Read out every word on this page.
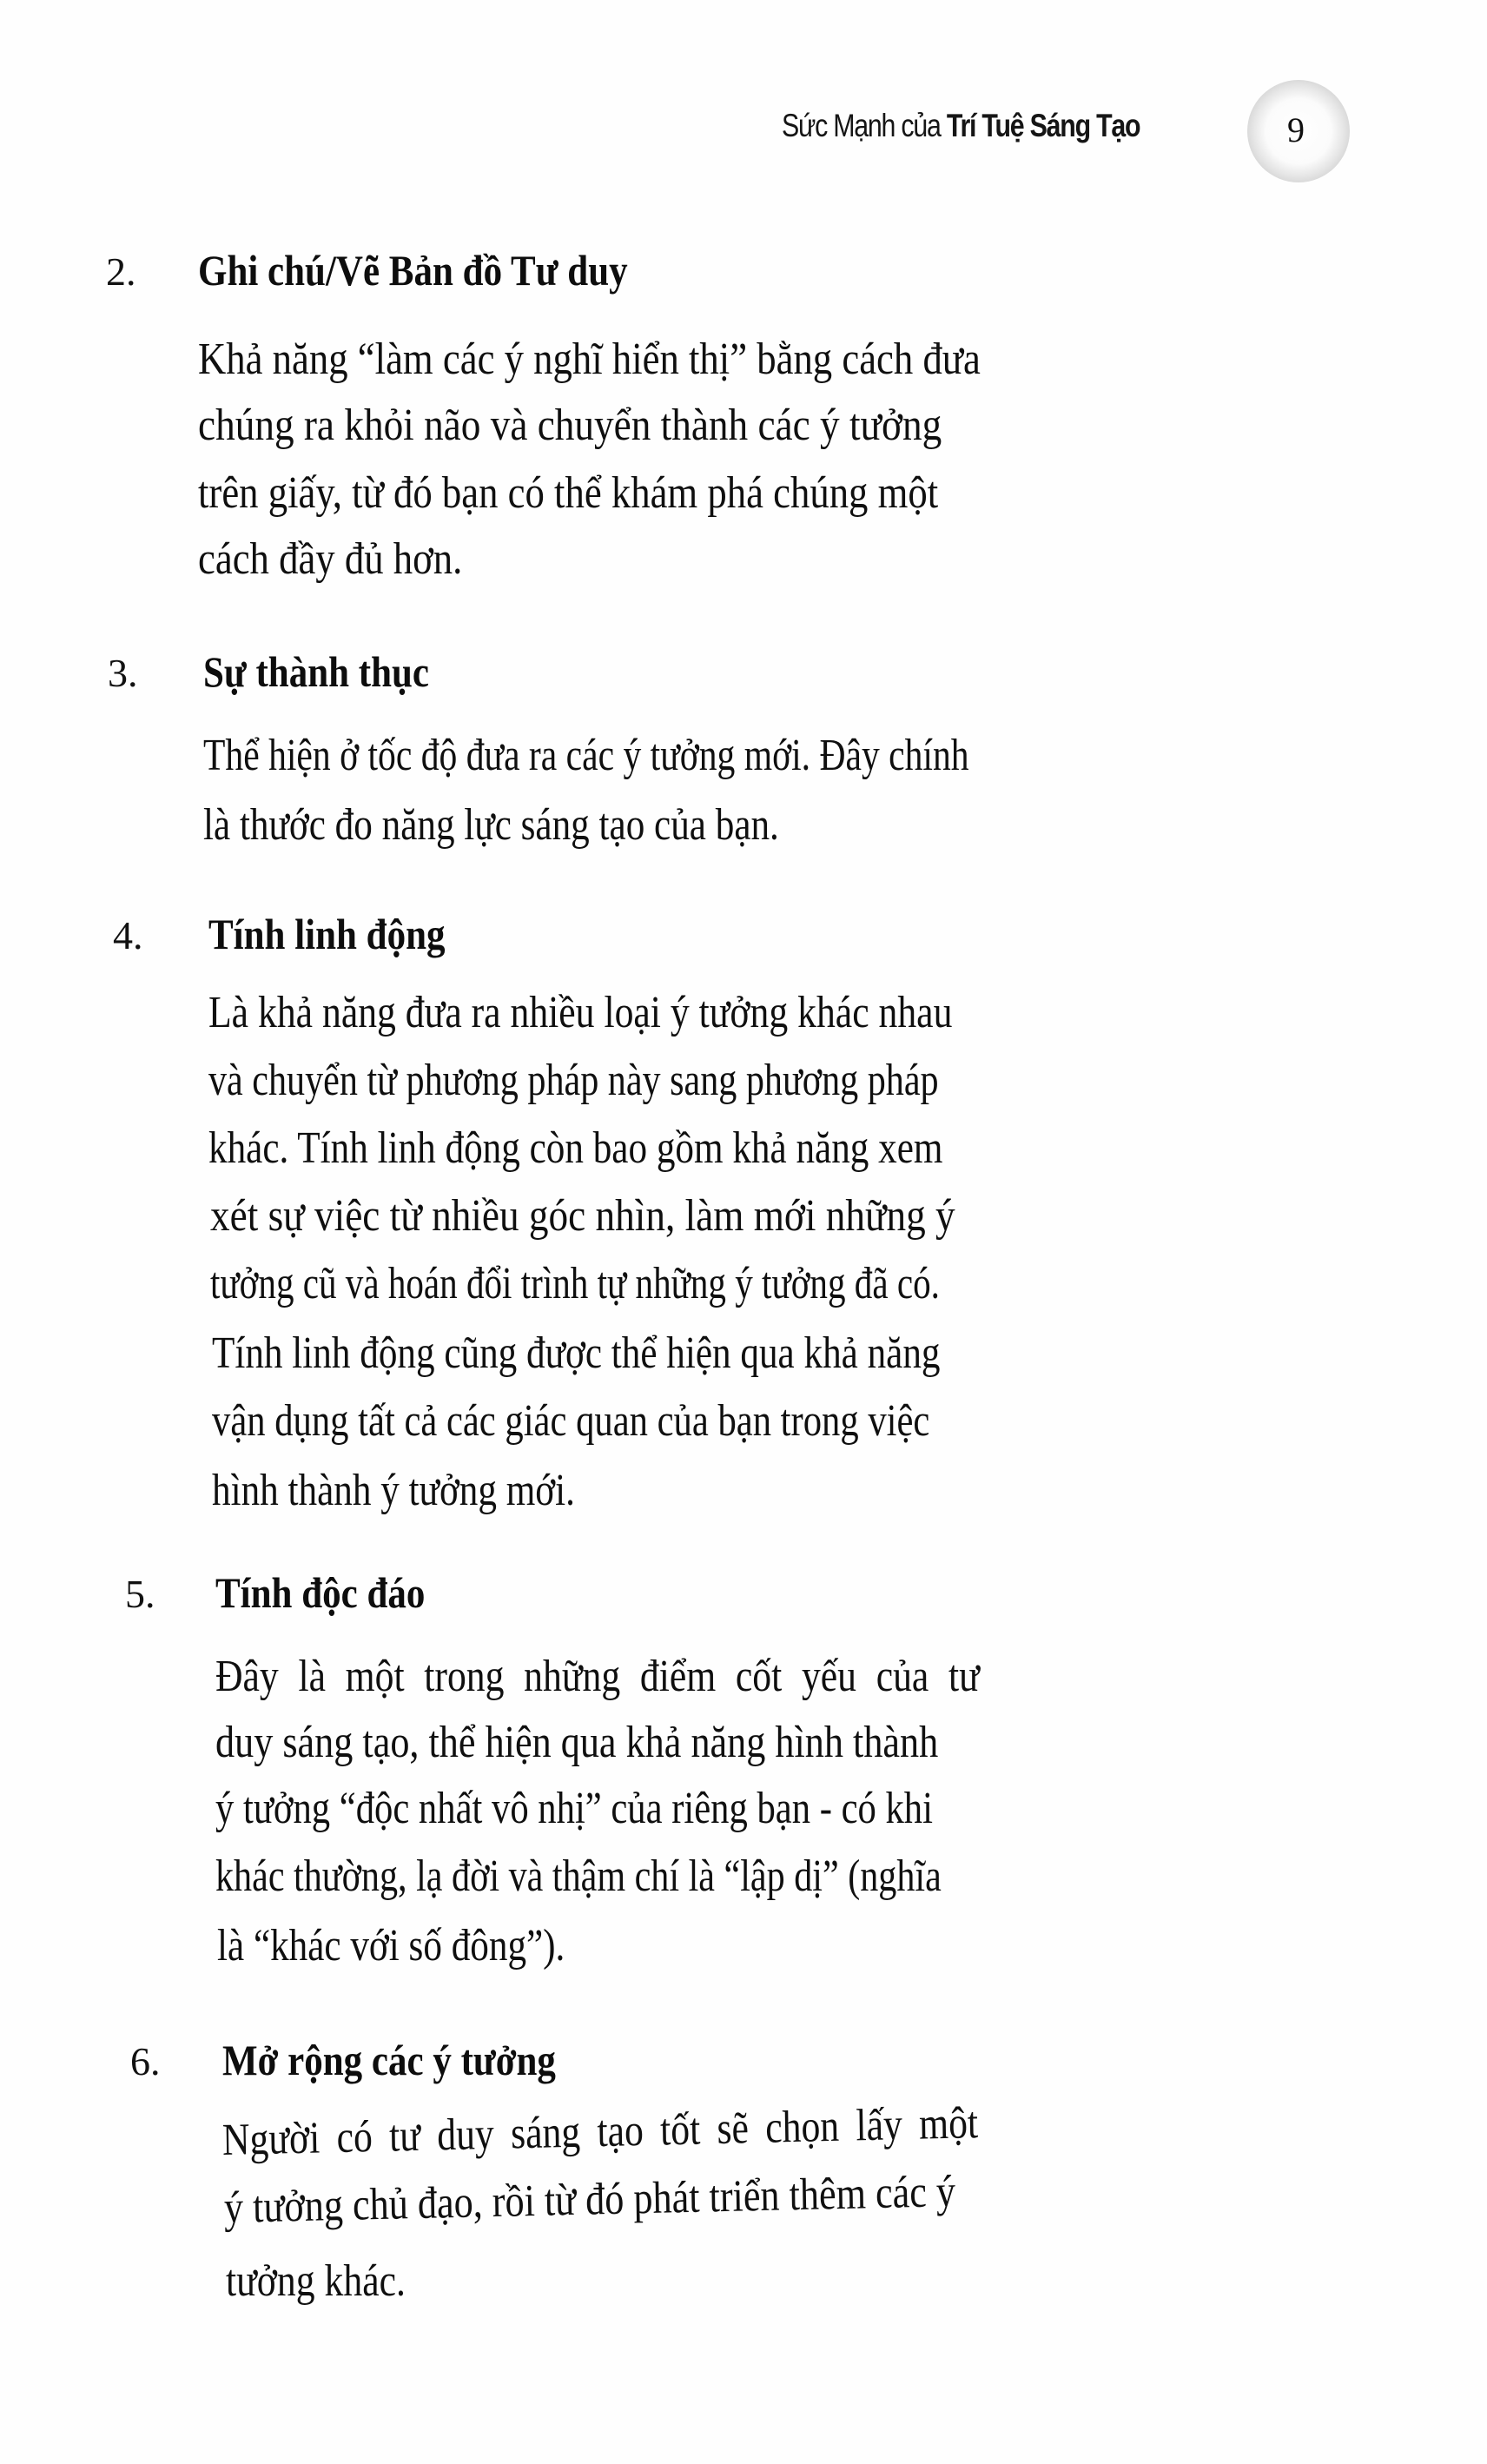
Sức Mạnh của Trí Tuệ Sáng Tạo	9
2. Ghi chú/Vẽ Bản đồ Tư duy
Khả năng “làm các ý nghĩ hiển thị” bằng cách đưa
chúng ra khỏi não và chuyển thành các ý tưởng
trên giấy, từ đó bạn có thể khám phá chúng một
cách đầy đủ hơn.
3. Sự thành thục
Thể hiện ở tốc độ đưa ra các ý tưởng mới. Đây chính
là thước đo năng lực sáng tạo của bạn.
4. Tính linh động
Là khả năng đưa ra nhiều loại ý tưởng khác nhau
và chuyển từ phương pháp này sang phương pháp
khác. Tính linh động còn bao gồm khả năng xem
xét sự việc từ nhiều góc nhìn, làm mới những ý
tưởng cũ và hoán đổi trình tự những ý tưởng đã có.
Tính linh động cũng được thể hiện qua khả năng
vận dụng tất cả các giác quan của bạn trong việc
hình thành ý tưởng mới.
5. Tính độc đáo
Đây là một trong những điểm cốt yếu của tư
duy sáng tạo, thể hiện qua khả năng hình thành
ý tưởng “độc nhất vô nhị” của riêng bạn - có khi
khác thường, lạ đời và thậm chí là “lập dị” (nghĩa
là “khác với số đông”).
6. Mở rộng các ý tưởng
Người có tư duy sáng tạo tốt sẽ chọn lấy một
ý tưởng chủ đạo, rồi từ đó phát triển thêm các ý
tưởng khác.
